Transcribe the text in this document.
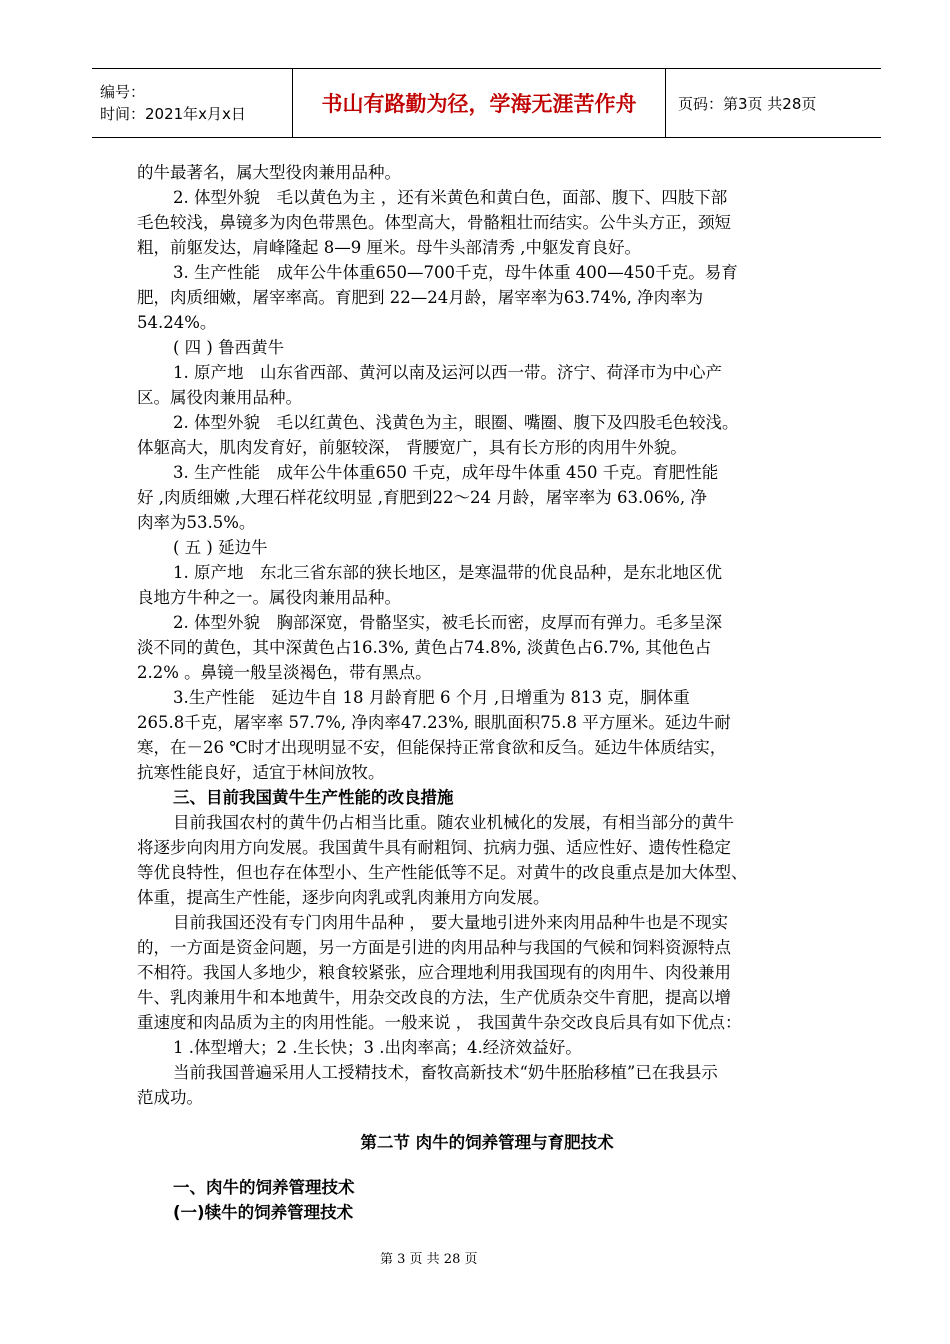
编号：
时间：2021年x月x日	书山有路勤为径，学海无涯苦作舟	页码：第3页 共28页

的牛最著名，属大型役肉兼用品种。

2. 体型外貌　毛以黄色为主 ，还有米黄色和黄白色，面部、腹下、四肢下部

毛色较浅，鼻镜多为肉色带黑色。体型高大，骨骼粗壮而结实。公牛头方正，颈短

粗，前躯发达，肩峰隆起 8—9 厘米。母牛头部清秀 ,中躯发育良好。

3. 生产性能　成年公牛体重650—700千克，母牛体重 400—450千克。易育

肥，肉质细嫩，屠宰率高。育肥到 22—24月龄，屠宰率为63.74%, 净肉率为

54.24%。

( 四 ) 鲁西黄牛

1. 原产地　山东省西部、黄河以南及运河以西一带。济宁、荷泽市为中心产

区。属役肉兼用品种。

2. 体型外貌　毛以红黄色、浅黄色为主，眼圈、嘴圈、腹下及四股毛色较浅。

体躯高大，肌肉发育好，前躯较深， 背腰宽广，具有长方形的肉用牛外貌。

3. 生产性能　成年公牛体重650 千克，成年母牛体重 450 千克。育肥性能

好 ,肉质细嫩 ,大理石样花纹明显 ,育肥到22～24 月龄，屠宰率为 63.06%, 净

肉率为53.5%。

( 五 ) 延边牛

1. 原产地　东北三省东部的狭长地区，是寒温带的优良品种，是东北地区优

良地方牛种之一。属役肉兼用品种。

2. 体型外貌　胸部深宽，骨骼坚实，被毛长而密，皮厚而有弹力。毛多呈深

淡不同的黄色，其中深黄色占16.3%, 黄色占74.8%, 淡黄色占6.7%, 其他色占

2.2% 。鼻镜一般呈淡褐色，带有黑点。

3.生产性能　延边牛自 18 月龄育肥 6 个月 ,日增重为 813 克，胴体重

265.8千克，屠宰率 57.7%, 净肉率47.23%, 眼肌面积75.8 平方厘米。延边牛耐

寒，在－26 ℃时才出现明显不安，但能保持正常食欲和反刍。延边牛体质结实，

抗寒性能良好，适宜于林间放牧。

三、目前我国黄牛生产性能的改良措施

目前我国农村的黄牛仍占相当比重。随农业机械化的发展，有相当部分的黄牛

将逐步向肉用方向发展。我国黄牛具有耐粗饲、抗病力强、适应性好、遗传性稳定

等优良特性，但也存在体型小、生产性能低等不足。对黄牛的改良重点是加大体型、

体重，提高生产性能，逐步向肉乳或乳肉兼用方向发展。

目前我国还没有专门肉用牛品种 ， 要大量地引进外来肉用品种牛也是不现实

的，一方面是资金问题，另一方面是引进的肉用品种与我国的气候和饲料资源特点

不相符。我国人多地少，粮食较紧张，应合理地利用我国现有的肉用牛、肉役兼用

牛、乳肉兼用牛和本地黄牛，用杂交改良的方法，生产优质杂交牛育肥，提高以增

重速度和肉品质为主的肉用性能。一般来说 ， 我国黄牛杂交改良后具有如下优点：

1 .体型增大；2 .生长快；3 .出肉率高；4.经济效益好。

当前我国普遍采用人工授精技术，畜牧高新技术“奶牛胚胎移植”已在我县示

范成功。

第二节 肉牛的饲养管理与育肥技术

一、肉牛的饲养管理技术

(一)犊牛的饲养管理技术

第 3 页 共 28 页
